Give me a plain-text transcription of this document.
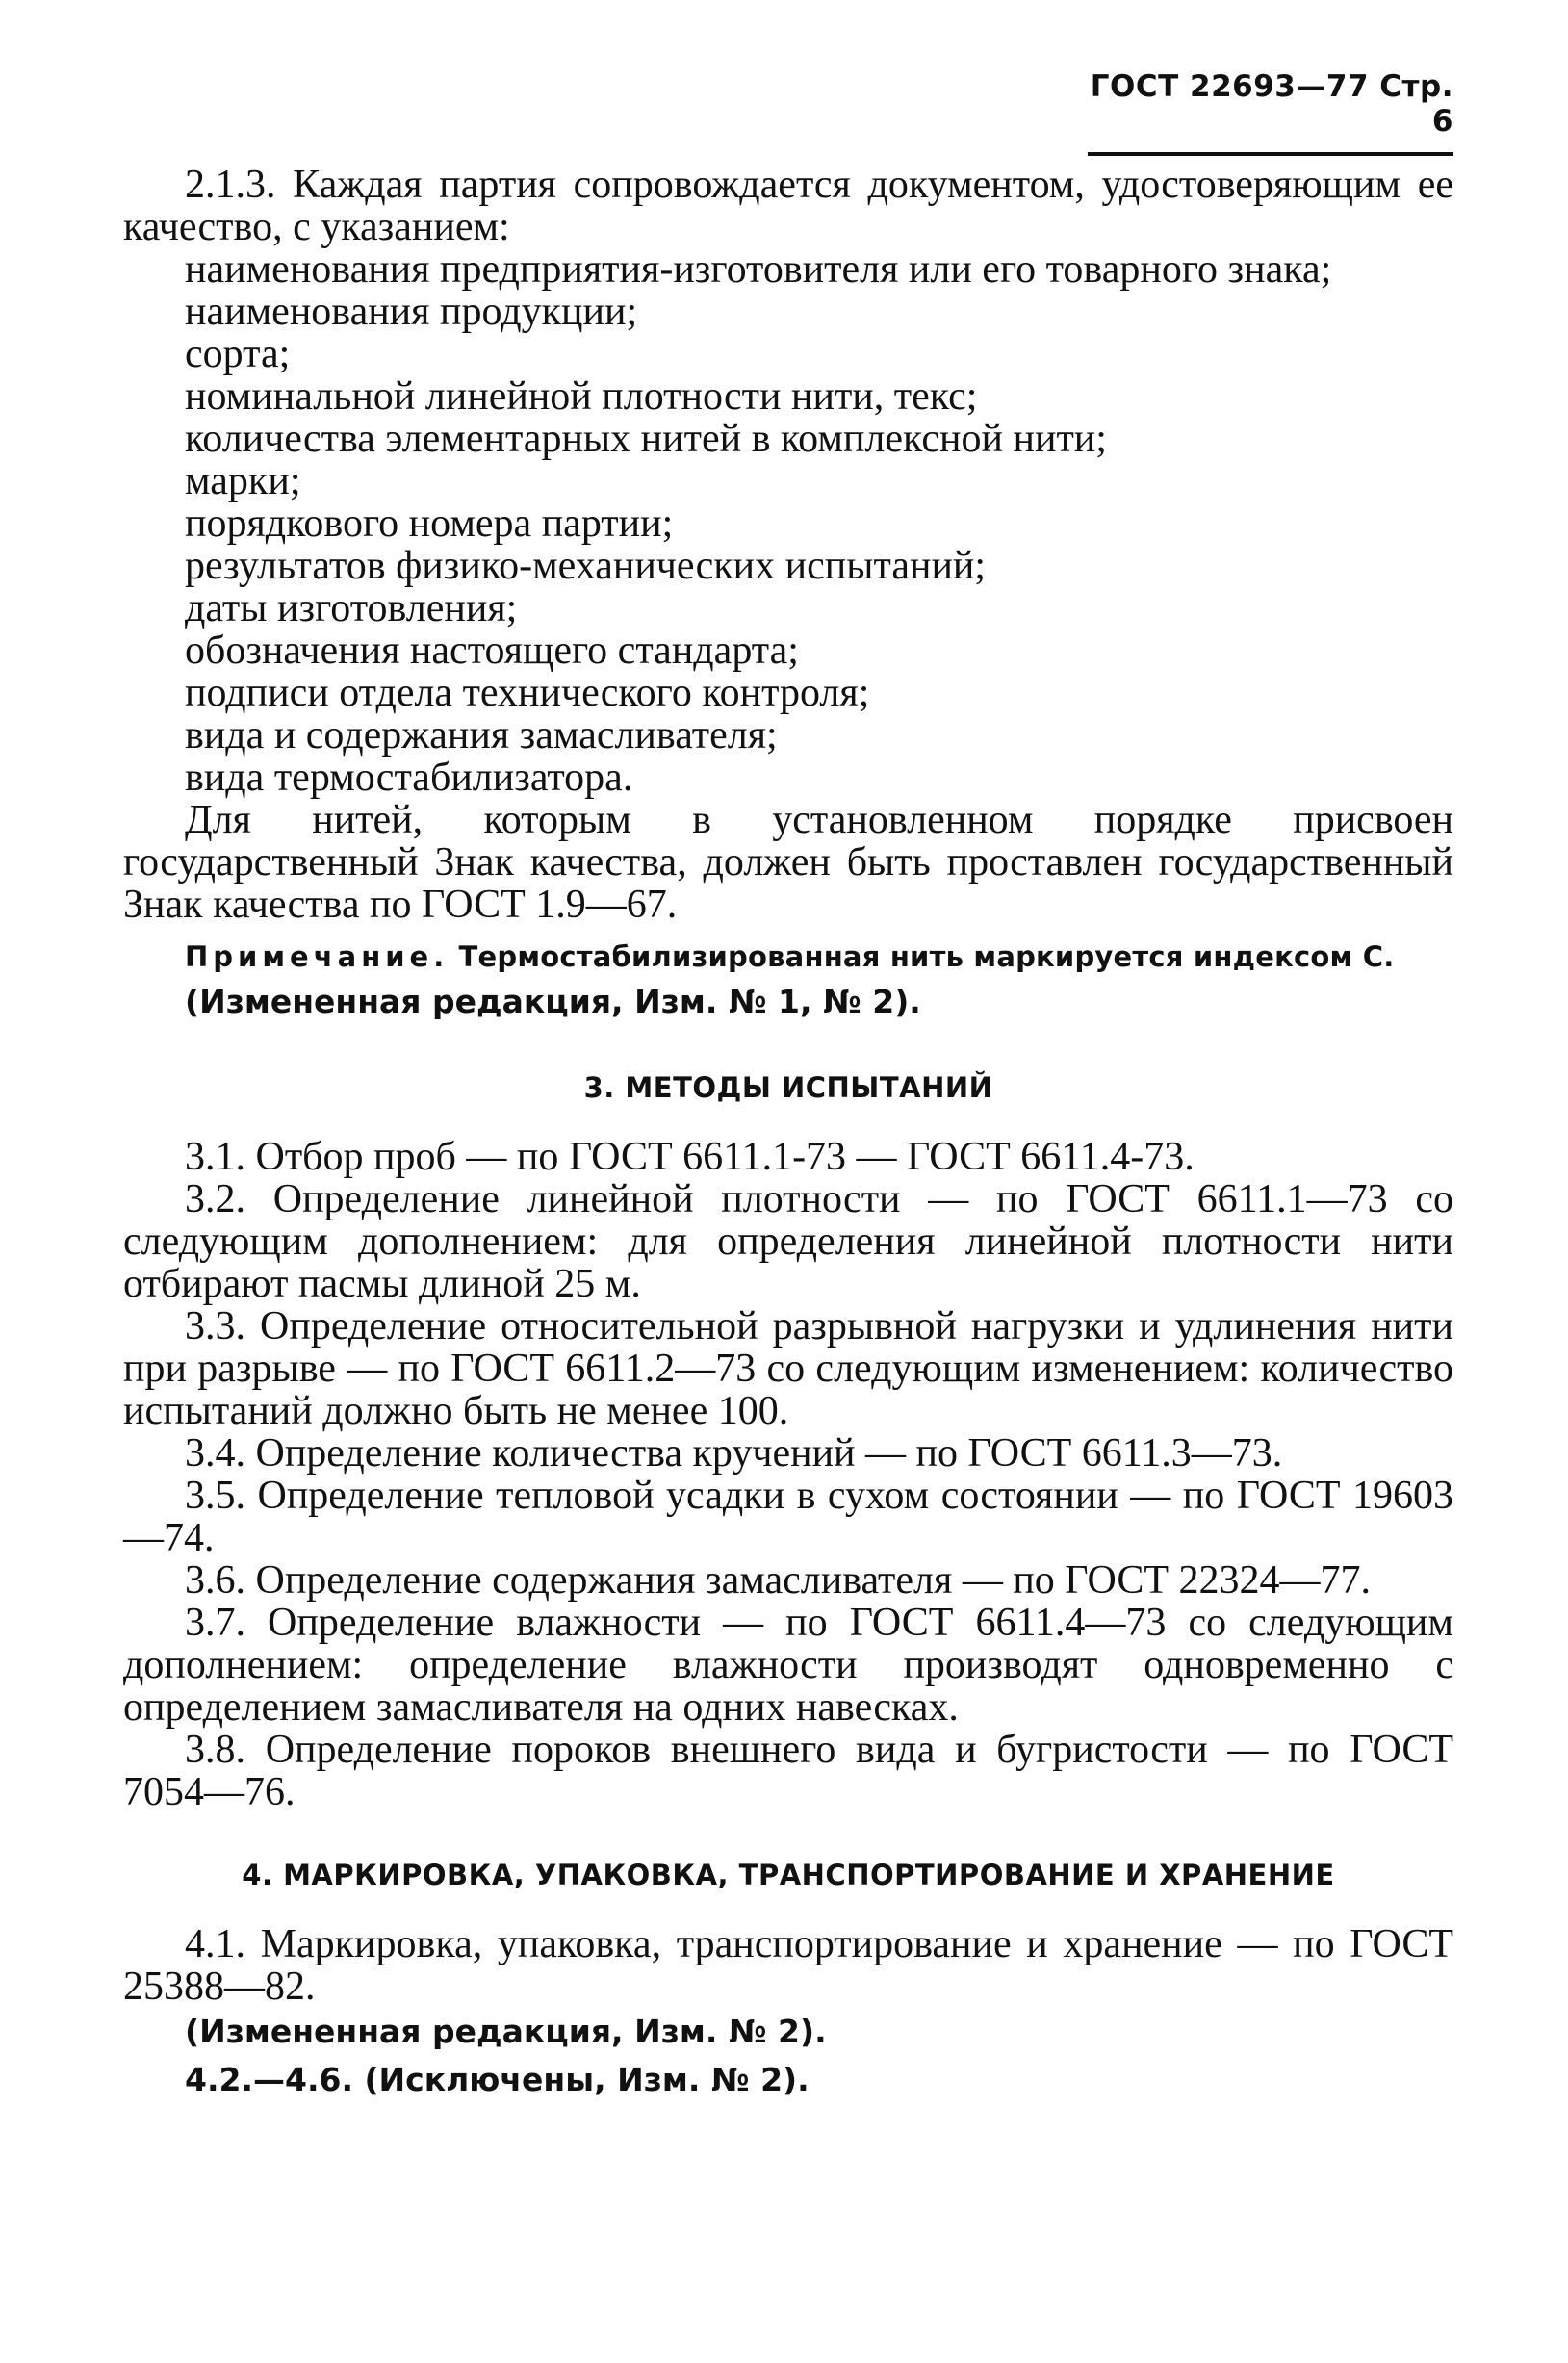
ГОСТ 22693—77 Стр. 6

2.1.3. Каждая партия сопровождается документом, удостоверяющим ее качество, с указанием:

наименования предприятия-изготовителя или его товарного знака;

наименования продукции;

сорта;

номинальной линейной плотности нити, текс;

количества элементарных нитей в комплексной нити;

марки;

порядкового номера партии;

результатов физико-механических испытаний;

даты изготовления;

обозначения настоящего стандарта;

подписи отдела технического контроля;

вида и содержания замасливателя;

вида термостабилизатора.

Для нитей, которым в установленном порядке присвоен государственный Знак качества, должен быть проставлен государственный Знак качества по ГОСТ 1.9—67.

Примечание. Термостабилизированная нить маркируется индексом С.

(Измененная редакция, Изм. № 1, № 2).

3. МЕТОДЫ ИСПЫТАНИЙ

3.1. Отбор проб — по ГОСТ 6611.1-73 — ГОСТ 6611.4-73.

3.2. Определение линейной плотности — по ГОСТ 6611.1—73 со следующим дополнением: для определения линейной плотности нити отбирают пасмы длиной 25 м.

3.3. Определение относительной разрывной нагрузки и удлинения нити при разрыве — по ГОСТ 6611.2—73 со следующим изменением: количество испытаний должно быть не менее 100.

3.4. Определение количества кручений — по ГОСТ 6611.3—73.

3.5. Определение тепловой усадки в сухом состоянии — по ГОСТ 19603—74.

3.6. Определение содержания замасливателя — по ГОСТ 22324—77.

3.7. Определение влажности — по ГОСТ 6611.4—73 со следующим дополнением: определение влажности производят одновременно с определением замасливателя на одних навесках.

3.8. Определение пороков внешнего вида и бугристости — по ГОСТ 7054—76.

4. МАРКИРОВКА, УПАКОВКА, ТРАНСПОРТИРОВАНИЕ И ХРАНЕНИЕ

4.1. Маркировка, упаковка, транспортирование и хранение — по ГОСТ 25388—82.

(Измененная редакция, Изм. № 2).

4.2.—4.6. (Исключены, Изм. № 2).
